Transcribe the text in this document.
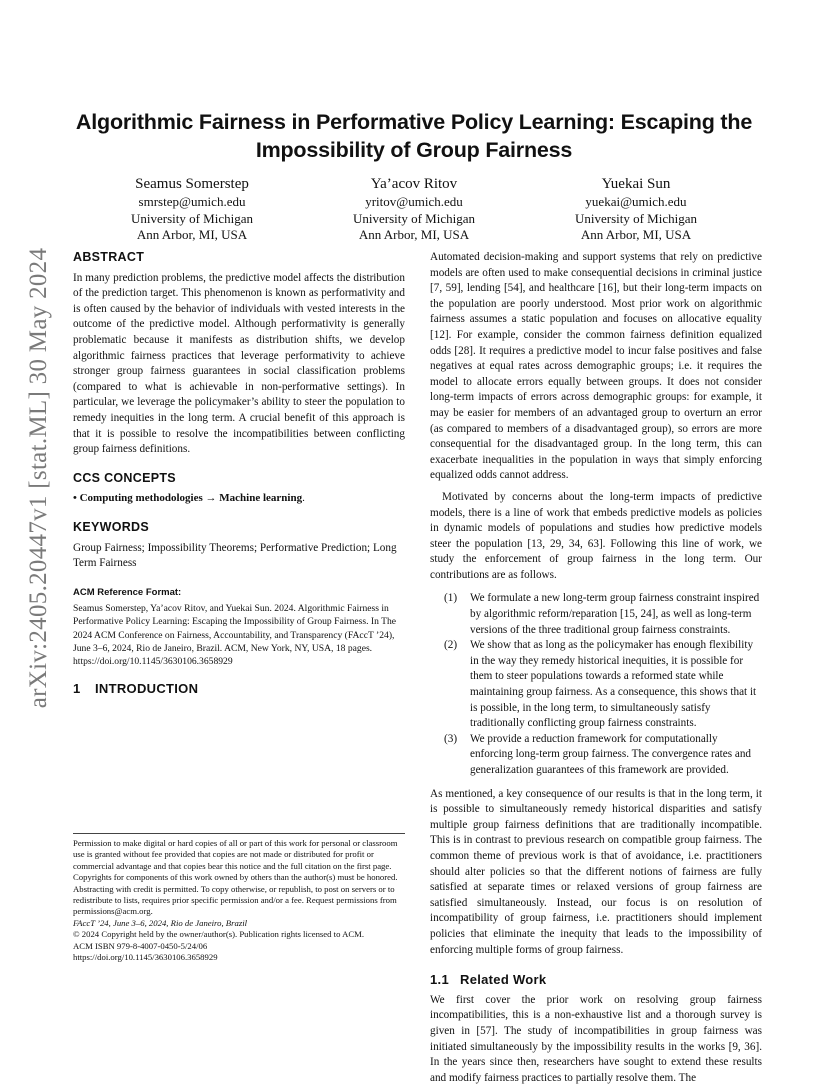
arXiv:2405.20447v1 [stat.ML] 30 May 2024
Algorithmic Fairness in Performative Policy Learning: Escaping the Impossibility of Group Fairness
Seamus Somerstep
smrstep@umich.edu
University of Michigan
Ann Arbor, MI, USA
Ya’acov Ritov
yritov@umich.edu
University of Michigan
Ann Arbor, MI, USA
Yuekai Sun
yuekai@umich.edu
University of Michigan
Ann Arbor, MI, USA
ABSTRACT

In many prediction problems, the predictive model affects the distribution of the prediction target. This phenomenon is known as performativity and is often caused by the behavior of individuals with vested interests in the outcome of the predictive model. Although performativity is generally problematic because it manifests as distribution shifts, we develop algorithmic fairness practices that leverage performativity to achieve stronger group fairness guarantees in social classification problems (compared to what is achievable in non-performative settings). In particular, we leverage the policymaker’s ability to steer the population to remedy inequities in the long term. A crucial benefit of this approach is that it is possible to resolve the incompatibilities between conflicting group fairness definitions.

CCS CONCEPTS
• Computing methodologies → Machine learning.
KEYWORDS

Group Fairness; Impossibility Theorems; Performative Prediction; Long Term Fairness

ACM Reference Format:
Seamus Somerstep, Ya’acov Ritov, and Yuekai Sun. 2024. Algorithmic Fairness in Performative Policy Learning: Escaping the Impossibility of Group Fairness. In The 2024 ACM Conference on Fairness, Accountability, and Transparency (FAccT ’24), June 3–6, 2024, Rio de Janeiro, Brazil. ACM, New York, NY, USA, 18 pages. https://doi.org/10.1145/3630106.3658929
1 INTRODUCTION

Automated decision-making and support systems that rely on predictive models are often used to make consequential decisions in criminal justice [7, 59], lending [54], and healthcare [16], but their long-term impacts on the population are poorly understood. Most prior work on algorithmic fairness assumes a static population and focuses on allocative equality [12]. For example, consider the common fairness definition equalized odds [28]. It requires a predictive model to incur false positives and false negatives at equal rates across demographic groups; i.e. it requires the model to allocate errors equally between groups. It does not consider long-term impacts of errors across demographic groups: for example, it may be easier for members of an advantaged group to overturn an error (as compared to members of a disadvantaged group), so errors are more consequential for the disadvantaged group. In the long term, this can exacerbate inequalities in the population in ways that simply enforcing equalized odds cannot address.

Motivated by concerns about the long-term impacts of predictive models, there is a line of work that embeds predictive models as policies in dynamic models of populations and studies how predictive models steer the population [13, 29, 34, 63]. Following this line of work, we study the enforcement of group fairness in the long term. Our contributions are as follows.

(1)	We formulate a new long-term group fairness constraint inspired by algorithmic reform/reparation [15, 24], as well as long-term versions of the three traditional group fairness constraints.
(2)	We show that as long as the policymaker has enough flexibility in the way they remedy historical inequities, it is possible for them to steer populations towards a reformed state while maintaining group fairness. As a consequence, this shows that it is possible, in the long term, to simultaneously satisfy traditionally conflicting group fairness constraints.
(3)	We provide a reduction framework for computationally enforcing long-term group fairness. The convergence rates and generalization guarantees of this framework are provided.

As mentioned, a key consequence of our results is that in the long term, it is possible to simultaneously remedy historical disparities and satisfy multiple group fairness definitions that are traditionally incompatible. This is in contrast to previous research on compatible group fairness. The common theme of previous work is that of avoidance, i.e. practitioners should alter policies so that the different notions of fairness are fully satisfied at separate times or relaxed versions of group fairness are satisfied simultaneously. Instead, our focus is on resolution of incompatibility of group fairness, i.e. practitioners should implement policies that eliminate the inequity that leads to the impossibility of enforcing multiple forms of group fairness.

1.1 Related Work

We first cover the prior work on resolving group fairness incompatibilities, this is a non-exhaustive list and a thorough survey is given in [57]. The study of incompatibilities in group fairness was initiated simultaneously by the impossibility results in the works [9, 36]. In the years since then, researchers have sought to extend these results and modify fairness practices to partially resolve them. The

Permission to make digital or hard copies of all or part of this work for personal or classroom use is granted without fee provided that copies are not made or distributed for profit or commercial advantage and that copies bear this notice and the full citation on the first page. Copyrights for components of this work owned by others than the author(s) must be honored. Abstracting with credit is permitted. To copy otherwise, or republish, to post on servers or to redistribute to lists, requires prior specific permission and/or a fee. Request permissions from permissions@acm.org.
FAccT ’24, June 3–6, 2024, Rio de Janeiro, Brazil
© 2024 Copyright held by the owner/author(s). Publication rights licensed to ACM.
ACM ISBN 979-8-4007-0450-5/24/06
https://doi.org/10.1145/3630106.3658929
